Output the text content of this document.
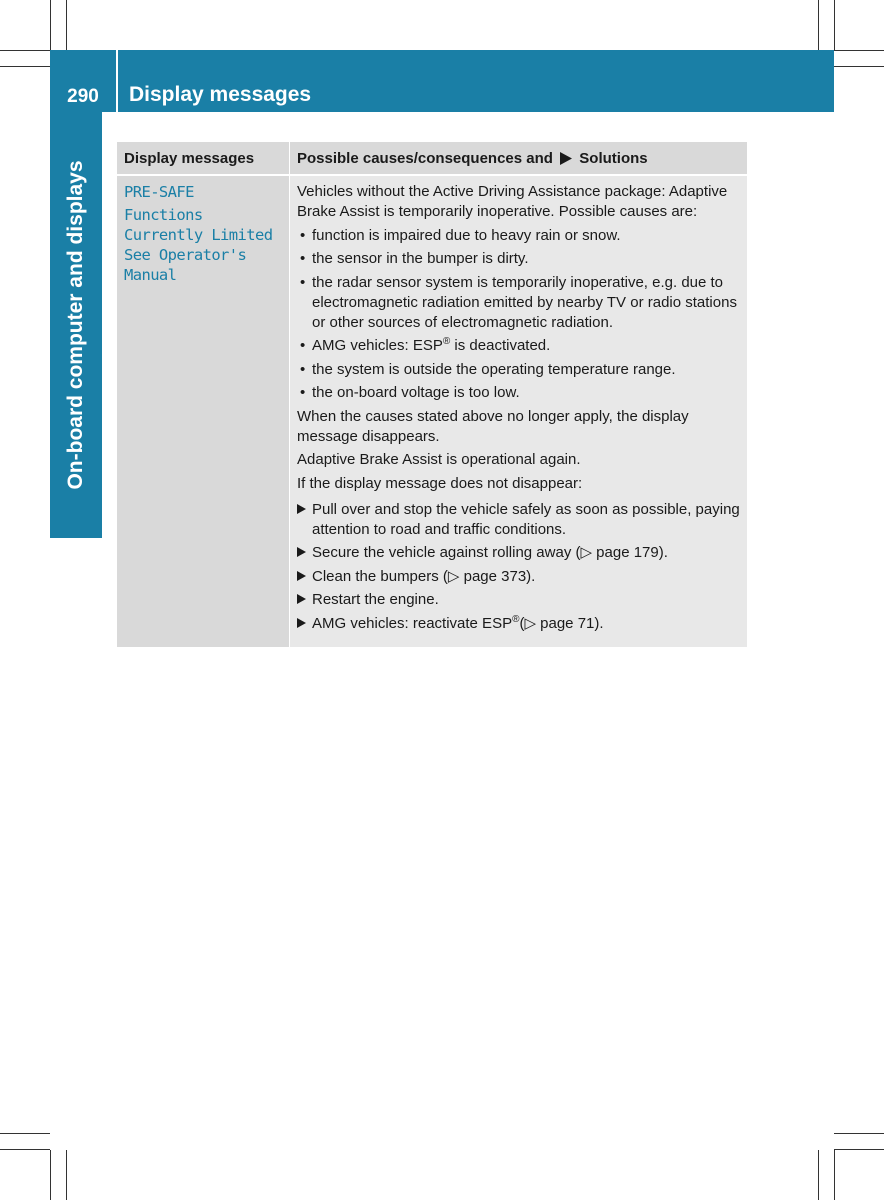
290	Display messages
On-board computer and displays
Display messages	Possible causes/consequences and Solutions
PRE-SAFE
Functions
Currently Limited
See Operator's
Manual

Vehicles without the Active Driving Assistance package: Adaptive Brake Assist is temporarily inoperative. Possible causes are:

• function is impaired due to heavy rain or snow.
• the sensor in the bumper is dirty.
• the radar sensor system is temporarily inoperative, e.g. due to electromagnetic radiation emitted by nearby TV or radio stations or other sources of electromagnetic radiation.
• AMG vehicles: ESP® is deactivated.
• the system is outside the operating temperature range.
• the on-board voltage is too low.

When the causes stated above no longer apply, the display message disappears.

Adaptive Brake Assist is operational again.

If the display message does not disappear:

Pull over and stop the vehicle safely as soon as possible, paying attention to road and traffic conditions.
Secure the vehicle against rolling away (▷ page 179).
Clean the bumpers (▷ page 373).
Restart the engine.
AMG vehicles: reactivate ESP®(▷ page 71).
